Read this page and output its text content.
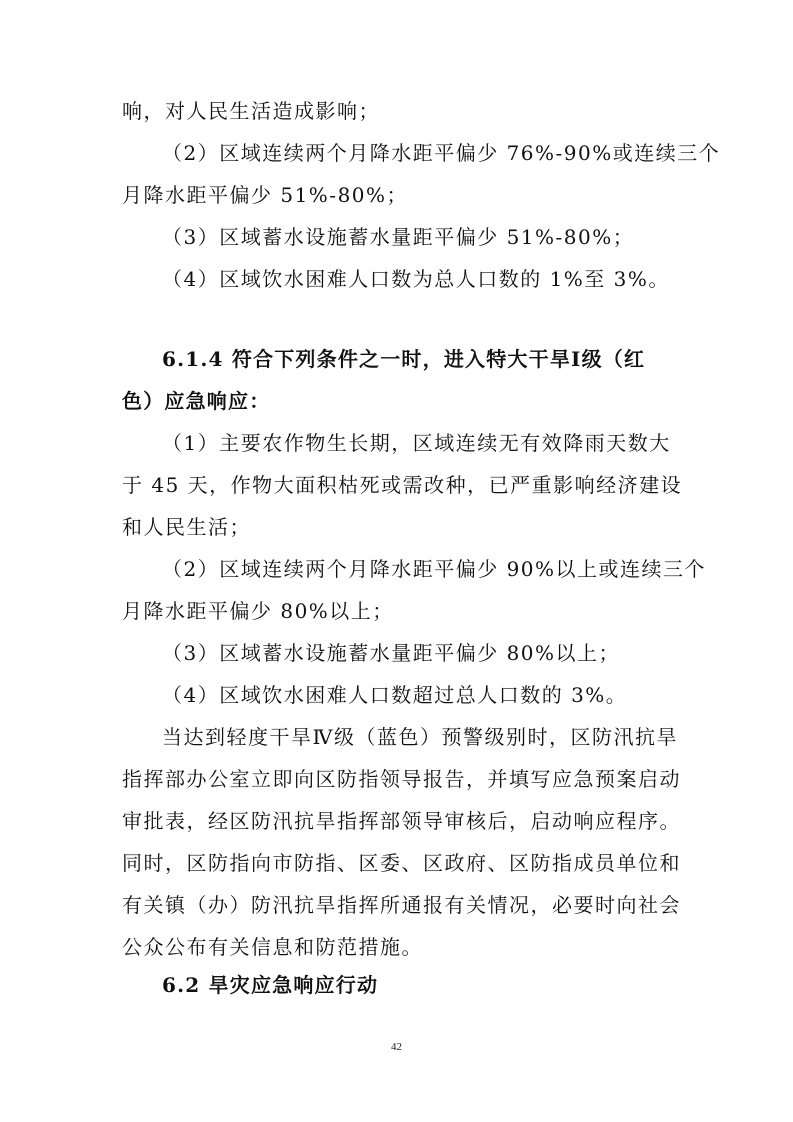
响，对人民生活造成影响；
（2）区域连续两个月降水距平偏少 76%-90%或连续三个
月降水距平偏少 51%-80%；
（3）区域蓄水设施蓄水量距平偏少 51%-80%；
（4）区域饮水困难人口数为总人口数的 1%至 3%。
6.1.4 符合下列条件之一时，进入特大干旱Ⅰ级（红
色）应急响应：
（1）主要农作物生长期，区域连续无有效降雨天数大
于 45 天，作物大面积枯死或需改种，已严重影响经济建设
和人民生活；
（2）区域连续两个月降水距平偏少 90%以上或连续三个
月降水距平偏少 80%以上；
（3）区域蓄水设施蓄水量距平偏少 80%以上；
（4）区域饮水困难人口数超过总人口数的 3%。
当达到轻度干旱Ⅳ级（蓝色）预警级别时，区防汛抗旱
指挥部办公室立即向区防指领导报告，并填写应急预案启动
审批表，经区防汛抗旱指挥部领导审核后，启动响应程序。
同时，区防指向市防指、区委、区政府、区防指成员单位和
有关镇（办）防汛抗旱指挥所通报有关情况，必要时向社会
公众公布有关信息和防范措施。
6.2 旱灾应急响应行动
42
